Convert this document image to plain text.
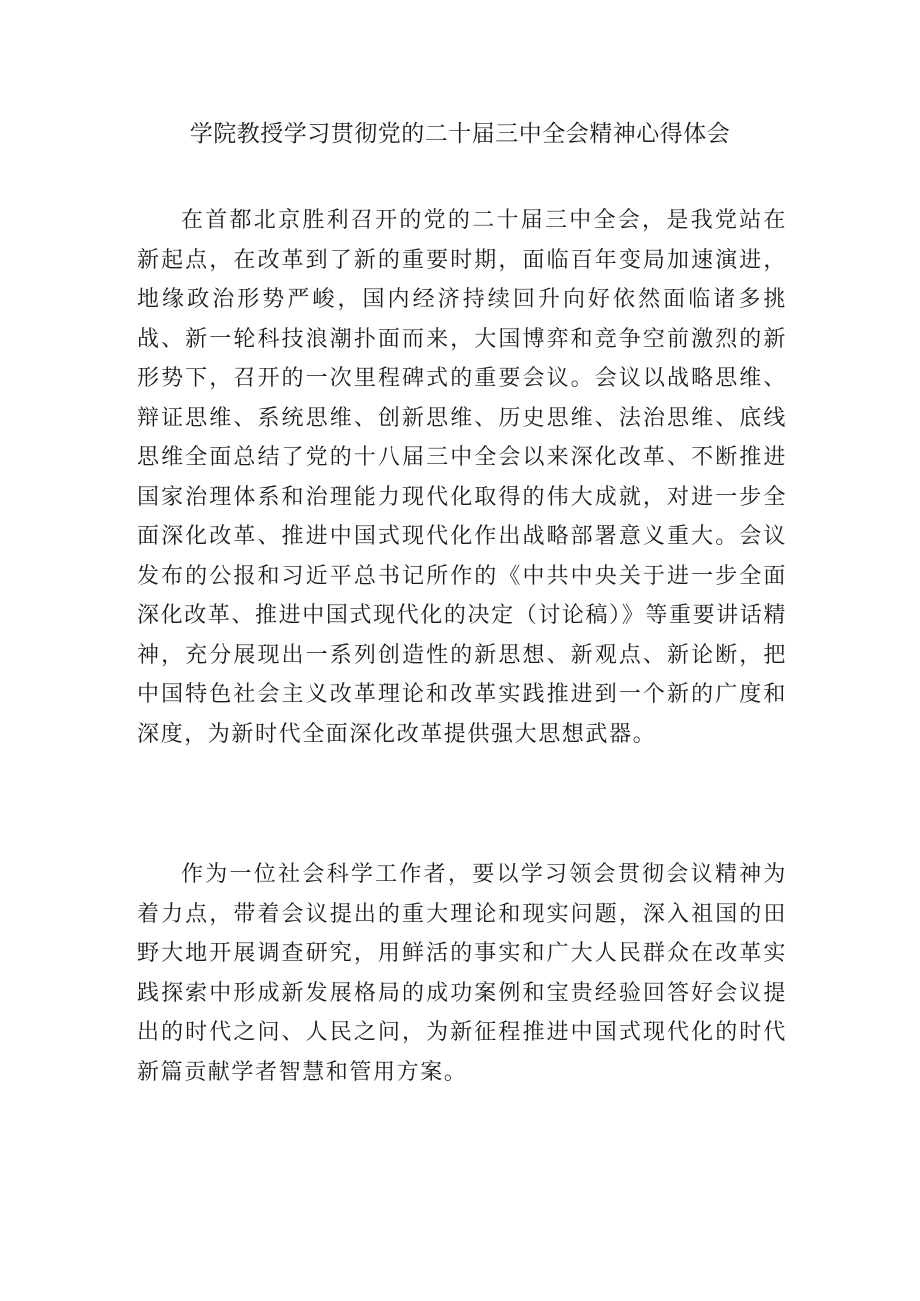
学院教授学习贯彻党的二十届三中全会精神心得体会

在首都北京胜利召开的党的二十届三中全会，是我党站在新起点，在改革到了新的重要时期，面临百年变局加速演进，地缘政治形势严峻，国内经济持续回升向好依然面临诸多挑战、新一轮科技浪潮扑面而来，大国博弈和竞争空前激烈的新形势下，召开的一次里程碑式的重要会议。会议以战略思维、辩证思维、系统思维、创新思维、历史思维、法治思维、底线思维全面总结了党的十八届三中全会以来深化改革、不断推进国家治理体系和治理能力现代化取得的伟大成就，对进一步全面深化改革、推进中国式现代化作出战略部署意义重大。会议发布的公报和习近平总书记所作的《中共中央关于进一步全面深化改革、推进中国式现代化的决定（讨论稿）》等重要讲话精神，充分展现出一系列创造性的新思想、新观点、新论断，把中国特色社会主义改革理论和改革实践推进到一个新的广度和深度，为新时代全面深化改革提供强大思想武器。

作为一位社会科学工作者，要以学习领会贯彻会议精神为着力点，带着会议提出的重大理论和现实问题，深入祖国的田野大地开展调查研究，用鲜活的事实和广大人民群众在改革实践探索中形成新发展格局的成功案例和宝贵经验回答好会议提出的时代之问、人民之问，为新征程推进中国式现代化的时代新篇贡献学者智慧和管用方案。
